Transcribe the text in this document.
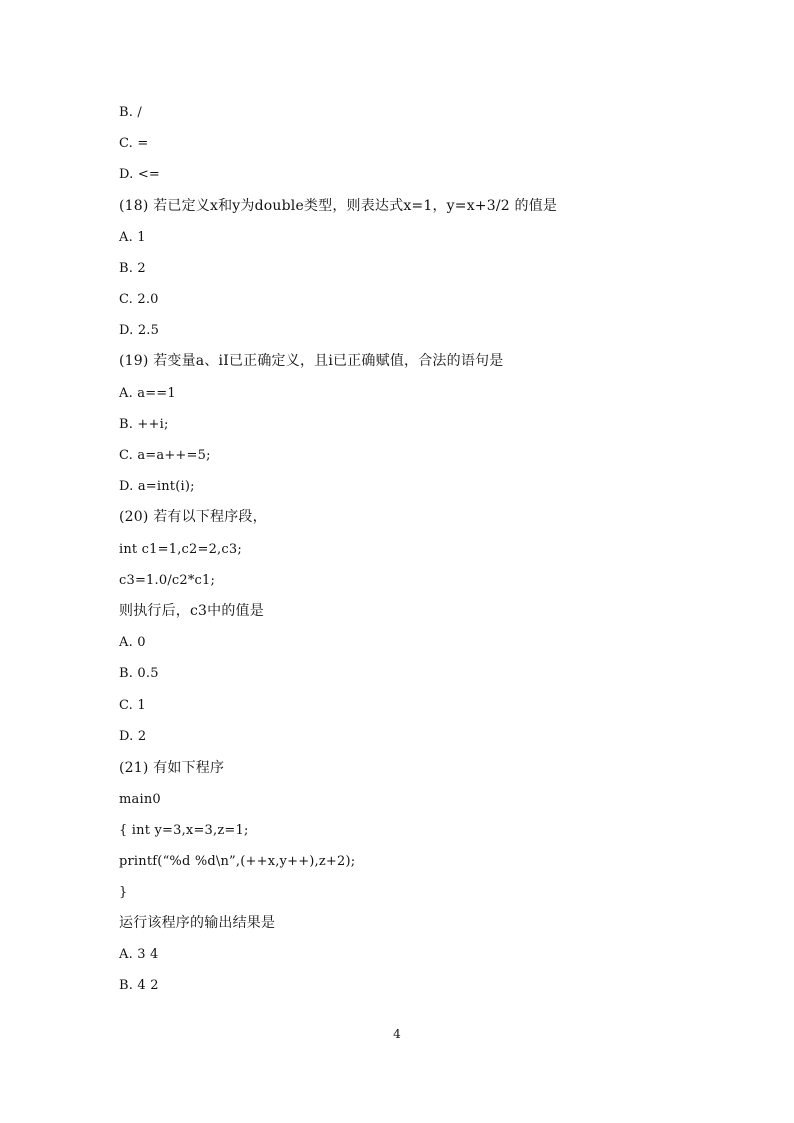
B. /
C. =
D. <=
(18) 若已定义x和y为double类型，则表达式x=1，y=x+3/2 的值是
A. 1
B. 2
C. 2.0
D. 2.5
(19) 若变量a、iI已正确定义，且i已正确赋值，合法的语句是
A. a==1
B. ++i;
C. a=a++=5;
D. a=int(i);
(20) 若有以下程序段，
int c1=1,c2=2,c3;
c3=1.0/c2*c1;
则执行后，c3中的值是
A. 0
B. 0.5
C. 1
D. 2
(21) 有如下程序
main0
{ int y=3,x=3,z=1;
printf(“%d %d\n”,(++x,y++),z+2);
}
运行该程序的输出结果是
A. 3 4
B. 4 2
4
